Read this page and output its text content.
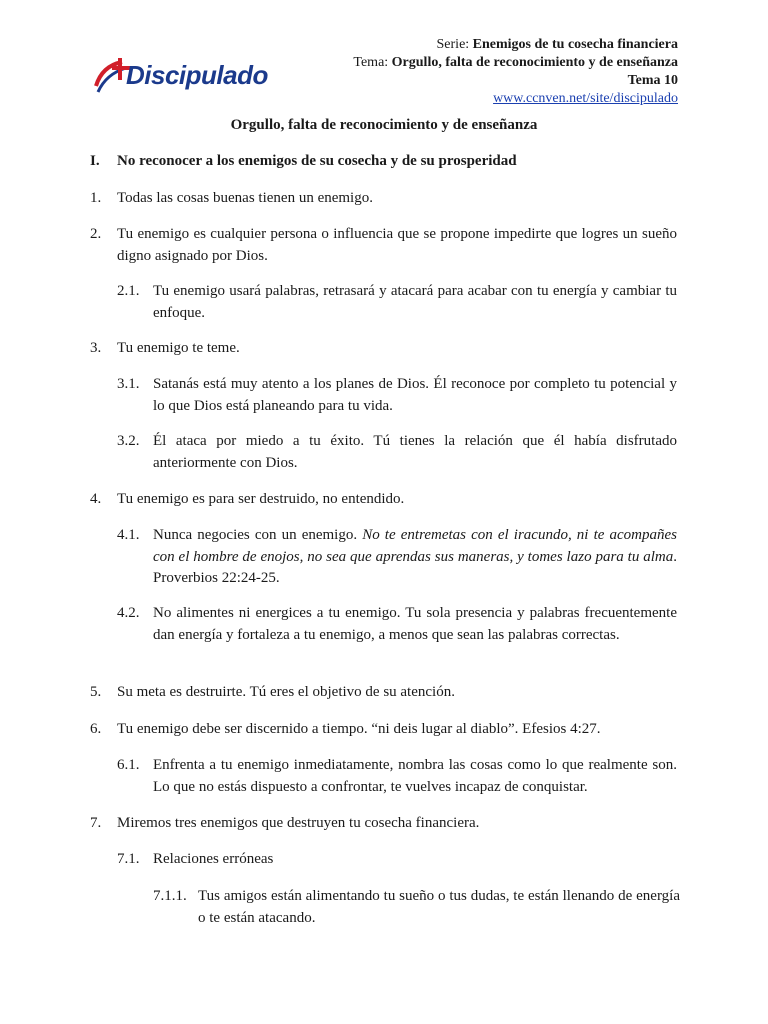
Discipulado
Serie: Enemigos de tu cosecha financiera
Tema: Orgullo, falta de reconocimiento y de enseñanza
Tema 10
www.ccnven.net/site/discipulado
Orgullo, falta de reconocimiento y de enseñanza
I. No reconocer a los enemigos de su cosecha y de su prosperidad
1. Todas las cosas buenas tienen un enemigo.
2. Tu enemigo es cualquier persona o influencia que se propone impedirte que logres un sueño digno asignado por Dios.
2.1. Tu enemigo usará palabras, retrasará y atacará para acabar con tu energía y cambiar tu enfoque.
3. Tu enemigo te teme.
3.1. Satanás está muy atento a los planes de Dios. Él reconoce por completo tu potencial y lo que Dios está planeando para tu vida.
3.2. Él ataca por miedo a tu éxito. Tú tienes la relación que él había disfrutado anteriormente con Dios.
4. Tu enemigo es para ser destruido, no entendido.
4.1. Nunca negocies con un enemigo. No te entremetas con el iracundo, ni te acompañes con el hombre de enojos, no sea que aprendas sus maneras, y tomes lazo para tu alma. Proverbios 22:24-25.
4.2. No alimentes ni energices a tu enemigo. Tu sola presencia y palabras frecuentemente dan energía y fortaleza a tu enemigo, a menos que sean las palabras correctas.
5. Su meta es destruirte. Tú eres el objetivo de su atención.
6. Tu enemigo debe ser discernido a tiempo. “ni deis lugar al diablo”. Efesios 4:27.
6.1. Enfrenta a tu enemigo inmediatamente, nombra las cosas como lo que realmente son. Lo que no estás dispuesto a confrontar, te vuelves incapaz de conquistar.
7. Miremos tres enemigos que destruyen tu cosecha financiera.
7.1. Relaciones erróneas
7.1.1. Tus amigos están alimentando tu sueño o tus dudas, te están llenando de energía o te están atacando.
